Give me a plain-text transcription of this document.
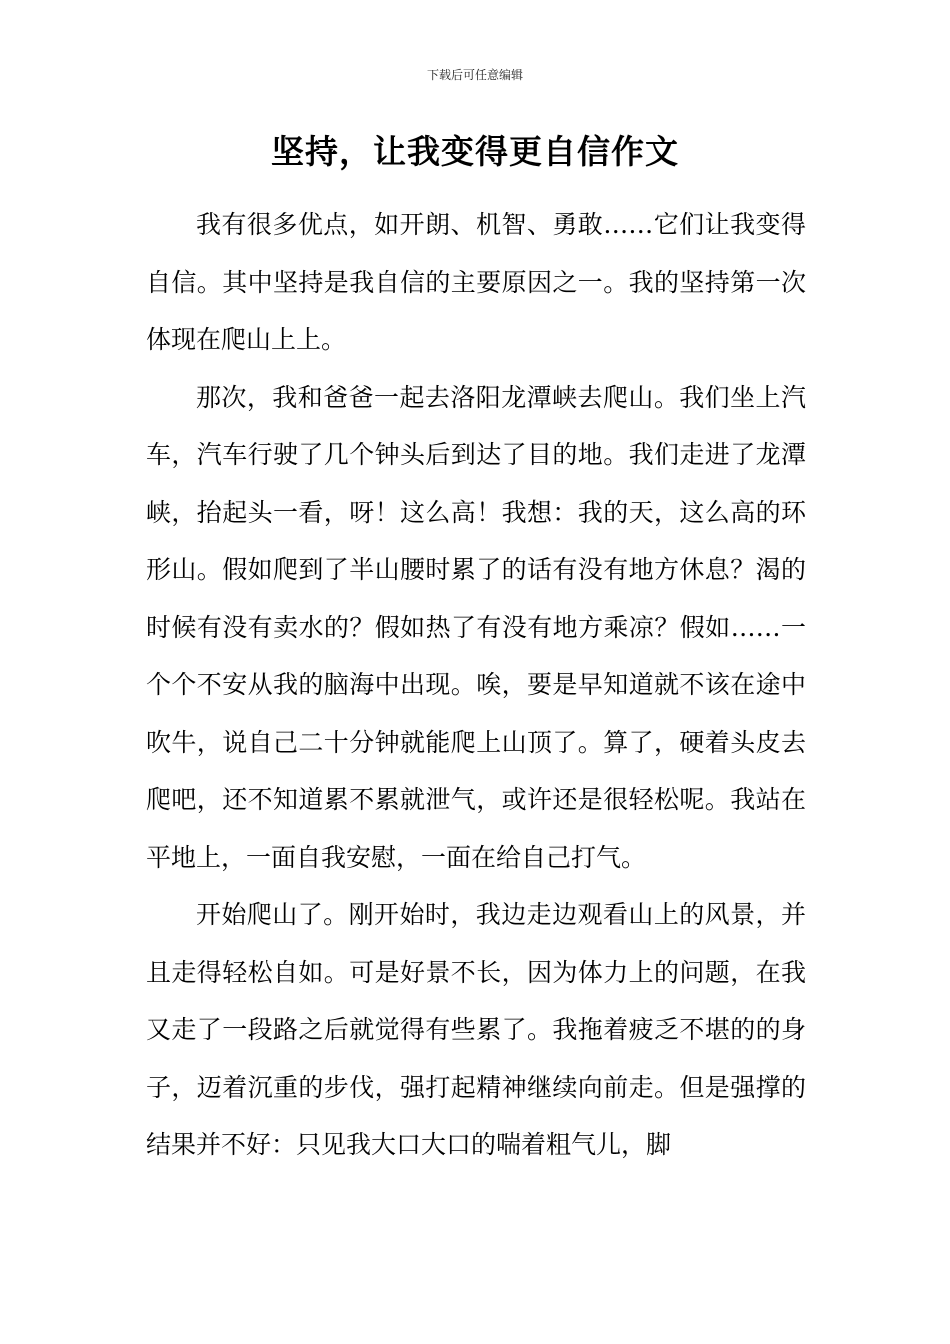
下载后可任意编辑
坚持，让我变得更自信作文

我有很多优点，如开朗、机智、勇敢……它们让我变得自信。其中坚持是我自信的主要原因之一。我的坚持第一次体现在爬山上上。

那次，我和爸爸一起去洛阳龙潭峡去爬山。我们坐上汽车，汽车行驶了几个钟头后到达了目的地。我们走进了龙潭峡，抬起头一看，呀！这么高！我想：我的天，这么高的环形山。假如爬到了半山腰时累了的话有没有地方休息？渴的时候有没有卖水的？假如热了有没有地方乘凉？假如……一个个不安从我的脑海中出现。唉，要是早知道就不该在途中吹牛，说自己二十分钟就能爬上山顶了。算了，硬着头皮去爬吧，还不知道累不累就泄气，或许还是很轻松呢。我站在平地上，一面自我安慰，一面在给自己打气。

开始爬山了。刚开始时，我边走边观看山上的风景，并且走得轻松自如。可是好景不长，因为体力上的问题，在我又走了一段路之后就觉得有些累了。我拖着疲乏不堪的的身子，迈着沉重的步伐，强打起精神继续向前走。但是强撑的结果并不好：只见我大口大口的喘着粗气儿，脚
